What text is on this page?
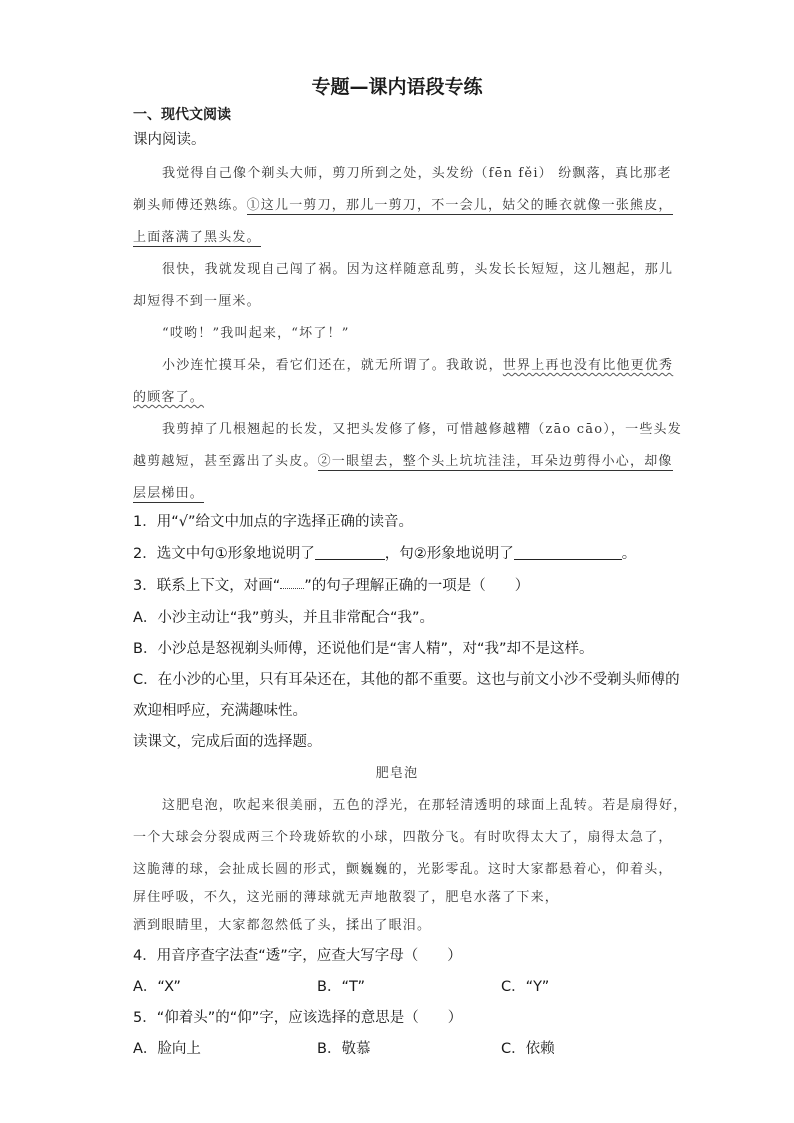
专题—课内语段专练
一、现代文阅读
课内阅读。
我觉得自己像个剃头大师，剪刀所到之处，头发纷（fēn fěi） 纷飘落，真比那老
剃头师傅还熟练。①这儿一剪刀，那儿一剪刀，不一会儿，姑父的睡衣就像一张熊皮，
上面落满了黑头发。
很快，我就发现自己闯了祸。因为这样随意乱剪，头发长长短短，这儿翘起，那儿
却短得不到一厘米。
“哎哟！”我叫起来，“坏了！”
小沙连忙摸耳朵，看它们还在，就无所谓了。我敢说，世界上再也没有比他更优秀
的顾客了。
我剪掉了几根翘起的长发，又把头发修了修，可惜越修越糟（zāo cāo），一些头发
越剪越短，甚至露出了头皮。②一眼望去，整个头上坑坑洼洼，耳朵边剪得小心，却像
层层梯田。
1．用“√”给文中加点的字选择正确的读音。
2．选文中句①形象地说明了	，句②形象地说明了	。
3．联系上下文，对画“ ”的句子理解正确的一项是（　　）
A．小沙主动让“我”剪头，并且非常配合“我”。
B．小沙总是怒视剃头师傅，还说他们是“害人精”，对“我”却不是这样。
C．在小沙的心里，只有耳朵还在，其他的都不重要。这也与前文小沙不受剃头师傅的
欢迎相呼应，充满趣味性。
读课文，完成后面的选择题。
肥皂泡
这肥皂泡，吹起来很美丽，五色的浮光，在那轻清透明的球面上乱转。若是扇得好，
一个大球会分裂成两三个玲珑娇软的小球，四散分飞。有时吹得太大了，扇得太急了，
这脆薄的球，会扯成长圆的形式，颤巍巍的，光影零乱。这时大家都悬着心，仰着头，
屏住呼吸，不久，这光丽的薄球就无声地散裂了，肥皂水落了下来，
洒到眼睛里，大家都忽然低了头，揉出了眼泪。
4．用音序查字法查“透”字，应查大写字母（　　）
A．“X”	B．“T”	C．“Y”
5．“仰着头”的“仰”字，应该选择的意思是（　　）
A．脸向上	B．敬慕	C．依赖
